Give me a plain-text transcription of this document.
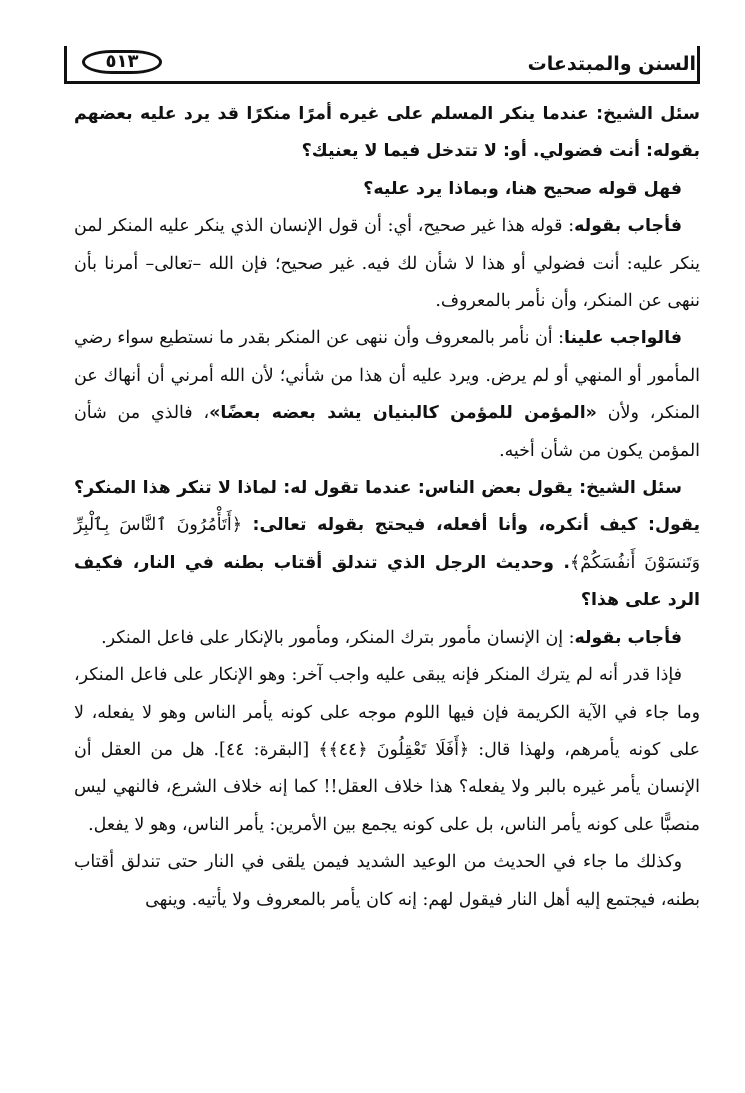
السنن والمبتدعات
٥١٣

سئل الشيخ: عندما ينكر المسلم على غيره أمرًا منكرًا قد يرد عليه بعضهم بقوله: أنت فضولي. أو: لا تتدخل فيما لا يعنيك؟

فهل قوله صحيح هنا، وبماذا يرد عليه؟

فأجاب بقوله: قوله هذا غير صحيح، أي: أن قول الإنسان الذي ينكر عليه المنكر لمن ينكر عليه: أنت فضولي أو هذا لا شأن لك فيه. غير صحيح؛ فإن الله –تعالى– أمرنا بأن ننهى عن المنكر، وأن نأمر بالمعروف.

فالواجب علينا: أن نأمر بالمعروف وأن ننهى عن المنكر بقدر ما نستطيع سواء رضي المأمور أو المنهي أو لم يرض. ويرد عليه أن هذا من شأني؛ لأن الله أمرني أن أنهاك عن المنكر، ولأن «المؤمن للمؤمن كالبنيان يشد بعضه بعضًا»، فالذي من شأن المؤمن يكون من شأن أخيه.

سئل الشيخ: يقول بعض الناس: عندما تقول له: لماذا لا تنكر هذا المنكر؟ يقول: كيف أنكره، وأنا أفعله، فيحتج بقوله تعالى: ﴿أَتَأْمُرُونَ ٱلنَّاسَ بِٱلْبِرِّ وَتَنسَوْنَ أَنفُسَكُمْ﴾. وحديث الرجل الذي تندلق أقتاب بطنه في النار، فكيف الرد على هذا؟

فأجاب بقوله: إن الإنسان مأمور بترك المنكر، ومأمور بالإنكار على فاعل المنكر.

فإذا قدر أنه لم يترك المنكر فإنه يبقى عليه واجب آخر: وهو الإنكار على فاعل المنكر، وما جاء في الآية الكريمة فإن فيها اللوم موجه على كونه يأمر الناس وهو لا يفعله، لا على كونه يأمرهم، ولهذا قال: ﴿أَفَلَا تَعْقِلُونَ ﴿٤٤﴾﴾ [البقرة: ٤٤]. هل من العقل أن الإنسان يأمر غيره بالبر ولا يفعله؟ هذا خلاف العقل!! كما إنه خلاف الشرع، فالنهي ليس منصبًّا على كونه يأمر الناس، بل على كونه يجمع بين الأمرين: يأمر الناس، وهو لا يفعل.

وكذلك ما جاء في الحديث من الوعيد الشديد فيمن يلقى في النار حتى تندلق أقتاب بطنه، فيجتمع إليه أهل النار فيقول لهم: إنه كان يأمر بالمعروف ولا يأتيه. وينهى
